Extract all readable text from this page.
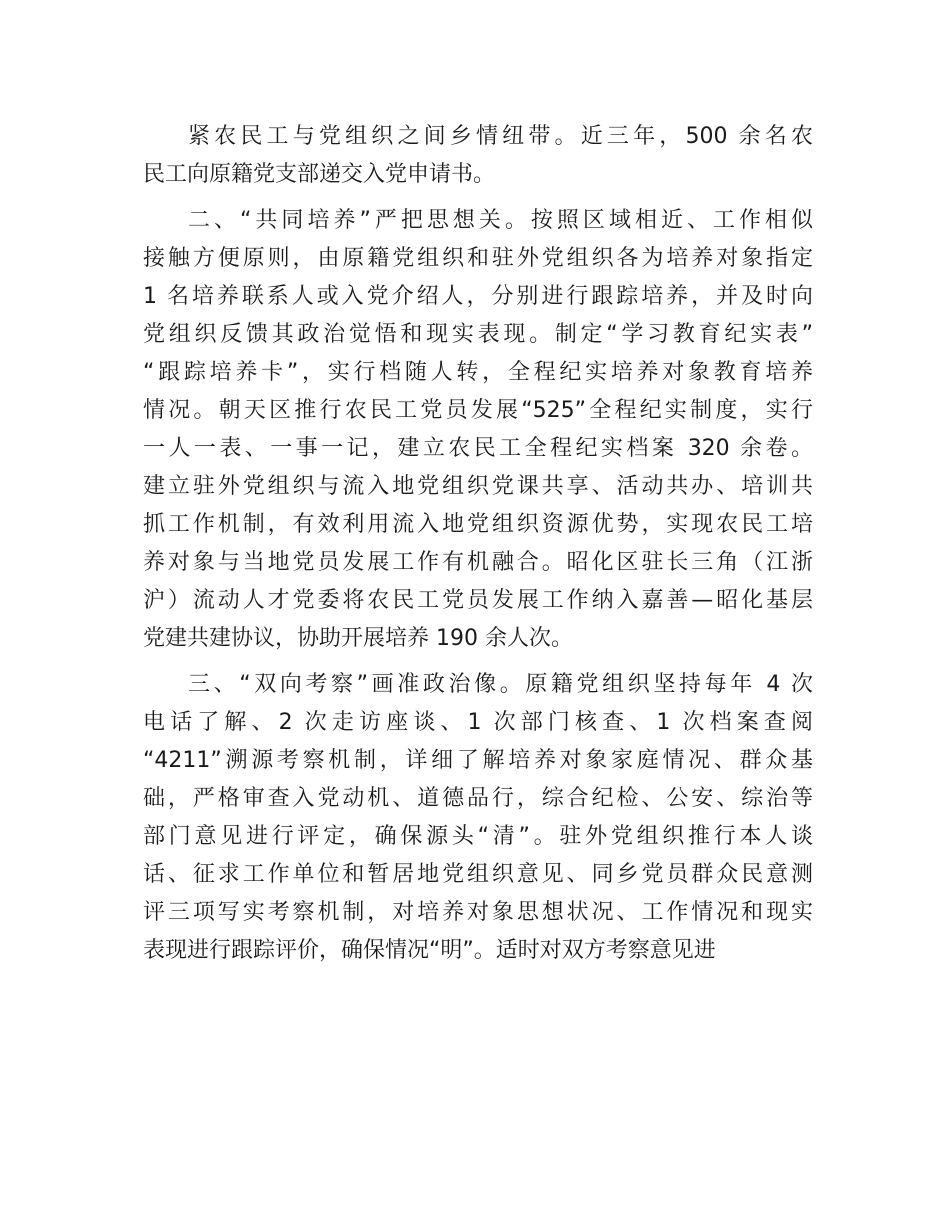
紧农民工与党组织之间乡情纽带。近三年，500 余名农
民工向原籍党支部递交入党申请书。
二、“共同培养”严把思想关。按照区域相近、工作相似
接触方便原则，由原籍党组织和驻外党组织各为培养对象指定
1 名培养联系人或入党介绍人，分别进行跟踪培养，并及时向
党组织反馈其政治觉悟和现实表现。制定“学习教育纪实表”
“跟踪培养卡”，实行档随人转，全程纪实培养对象教育培养
情况。朝天区推行农民工党员发展“525”全程纪实制度，实行
一人一表、一事一记，建立农民工全程纪实档案 320 余卷。
建立驻外党组织与流入地党组织党课共享、活动共办、培训共
抓工作机制，有效利用流入地党组织资源优势，实现农民工培
养对象与当地党员发展工作有机融合。昭化区驻长三角（江浙
沪）流动人才党委将农民工党员发展工作纳入嘉善—昭化基层
党建共建协议，协助开展培养 190 余人次。
三、“双向考察”画准政治像。原籍党组织坚持每年 4 次
电话了解、2 次走访座谈、1 次部门核查、1 次档案查阅
“4211”溯源考察机制，详细了解培养对象家庭情况、群众基
础，严格审查入党动机、道德品行，综合纪检、公安、综治等
部门意见进行评定，确保源头“清”。驻外党组织推行本人谈
话、征求工作单位和暂居地党组织意见、同乡党员群众民意测
评三项写实考察机制，对培养对象思想状况、工作情况和现实
表现进行跟踪评价，确保情况“明”。适时对双方考察意见进
